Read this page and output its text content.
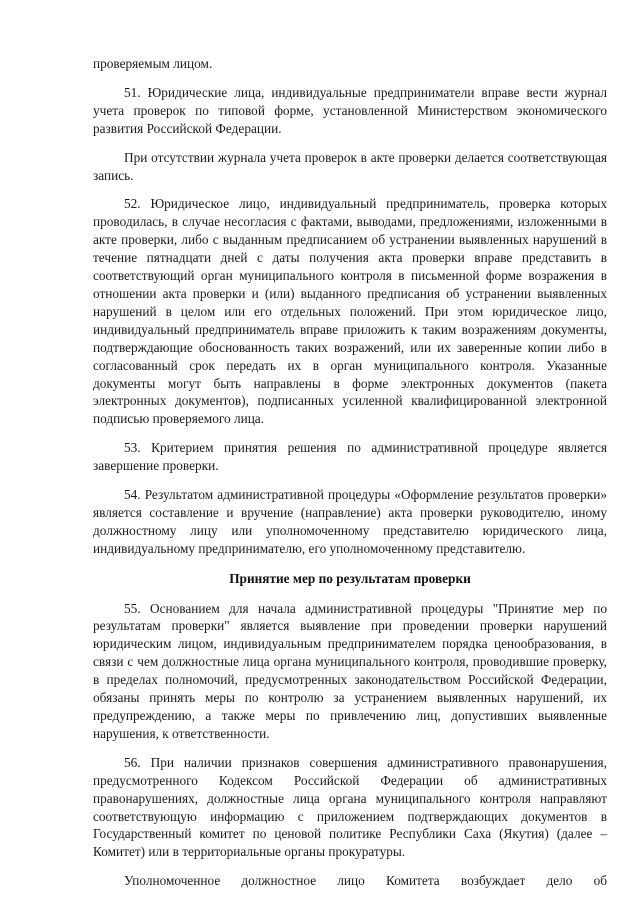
проверяемым лицом.

51. Юридические лица, индивидуальные предприниматели вправе вести журнал учета проверок по типовой форме, установленной Министерством экономического развития Российской Федерации.

При отсутствии журнала учета проверок в акте проверки делается соответствующая запись.

52. Юридическое лицо, индивидуальный предприниматель, проверка которых проводилась, в случае несогласия с фактами, выводами, предложениями, изложенными в акте проверки, либо с выданным предписанием об устранении выявленных нарушений в течение пятнадцати дней с даты получения акта проверки вправе представить в соответствующий орган муниципального контроля в письменной форме возражения в отношении акта проверки и (или) выданного предписания об устранении выявленных нарушений в целом или его отдельных положений. При этом юридическое лицо, индивидуальный предприниматель вправе приложить к таким возражениям документы, подтверждающие обоснованность таких возражений, или их заверенные копии либо в согласованный срок передать их в орган муниципального контроля. Указанные документы могут быть направлены в форме электронных документов (пакета электронных документов), подписанных усиленной квалифицированной электронной подписью проверяемого лица.

53. Критерием принятия решения по административной процедуре является завершение проверки.

54. Результатом административной процедуры «Оформление результатов проверки» является составление и вручение (направление) акта проверки руководителю, иному должностному лицу или уполномоченному представителю юридического лица, индивидуальному предпринимателю, его уполномоченному представителю.

Принятие мер по результатам проверки

55. Основанием для начала административной процедуры "Принятие мер по результатам проверки" является выявление при проведении проверки нарушений юридическим лицом, индивидуальным предпринимателем порядка ценообразования, в связи с чем должностные лица органа муниципального контроля, проводившие проверку, в пределах полномочий, предусмотренных законодательством Российской Федерации, обязаны принять меры по контролю за устранением выявленных нарушений, их предупреждению, а также меры по привлечению лиц, допустивших выявленные нарушения, к ответственности.

56. При наличии признаков совершения административного правонарушения, предусмотренного Кодексом Российской Федерации об административных правонарушениях, должностные лица органа муниципального контроля направляют соответствующую информацию с приложением подтверждающих документов в Государственный комитет по ценовой политике Республики Саха (Якутия) (далее – Комитет) или в территориальные органы прокуратуры.

Уполномоченное должностное лицо Комитета возбуждает дело об
